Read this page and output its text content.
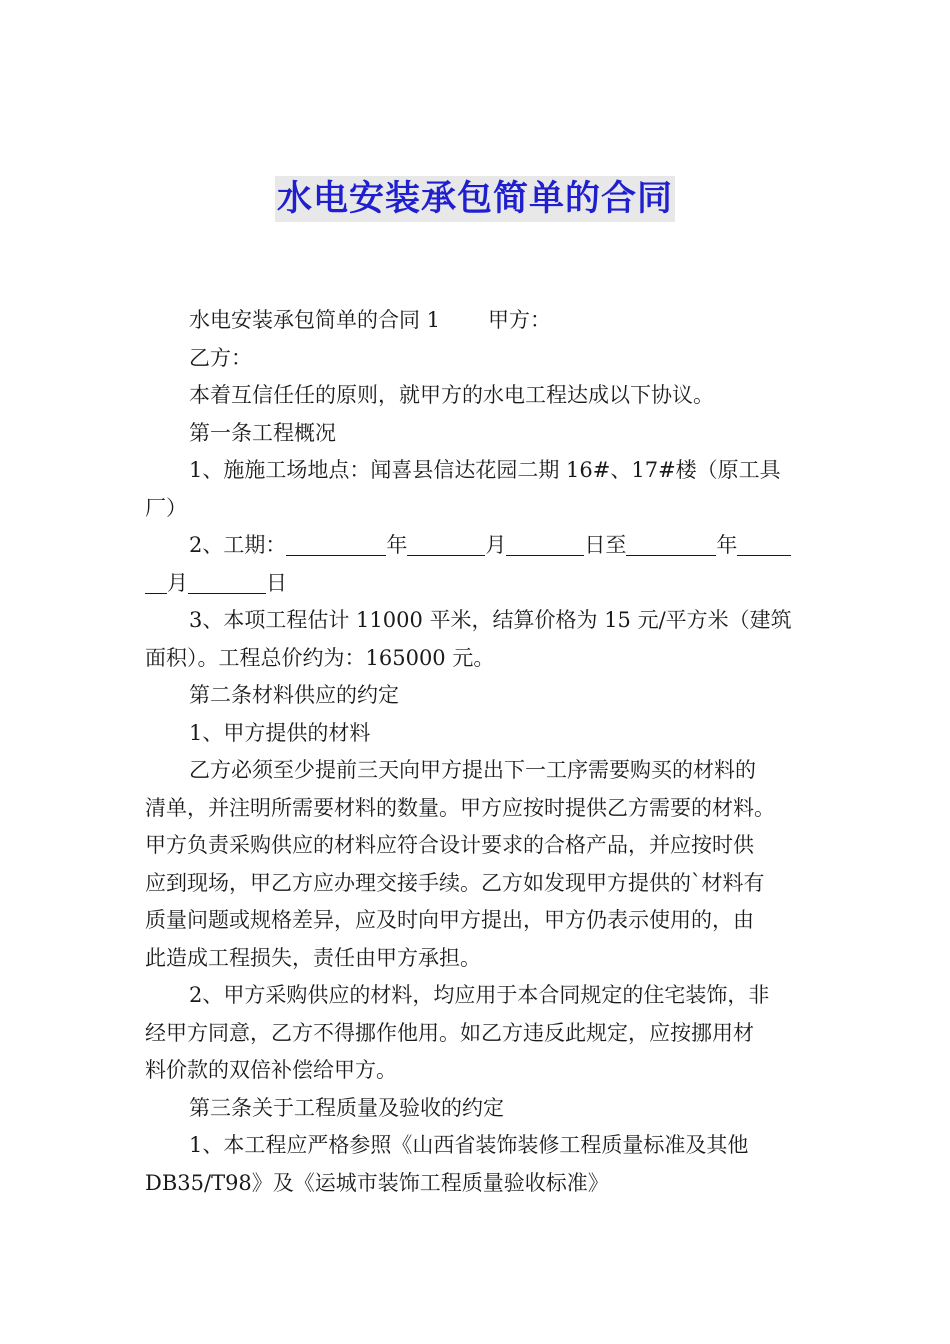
水电安装承包简单的合同

水电安装承包简单的合同 1 甲方：

乙方：

本着互信任任的原则，就甲方的水电工程达成以下协议。

第一条工程概况

1、施施工场地点：闻喜县信达花园二期 16#、17#楼（原工具

厂）

2、工期：	年	月	日至	年

月	日

3、本项工程估计 11000 平米，结算价格为 15 元/平方米（建筑

面积）。工程总价约为：165000 元。

第二条材料供应的约定

1、甲方提供的材料

乙方必须至少提前三天向甲方提出下一工序需要购买的材料的

清单，并注明所需要材料的数量。甲方应按时提供乙方需要的材料。

甲方负责采购供应的材料应符合设计要求的合格产品，并应按时供

应到现场，甲乙方应办理交接手续。乙方如发现甲方提供的`材料有

质量问题或规格差异，应及时向甲方提出，甲方仍表示使用的，由

此造成工程损失，责任由甲方承担。

2、甲方采购供应的材料，均应用于本合同规定的住宅装饰，非

经甲方同意，乙方不得挪作他用。如乙方违反此规定，应按挪用材

料价款的双倍补偿给甲方。

第三条关于工程质量及验收的约定

1、本工程应严格参照《山西省装饰装修工程质量标准及其他

DB35/T98》及《运城市装饰工程质量验收标准》
